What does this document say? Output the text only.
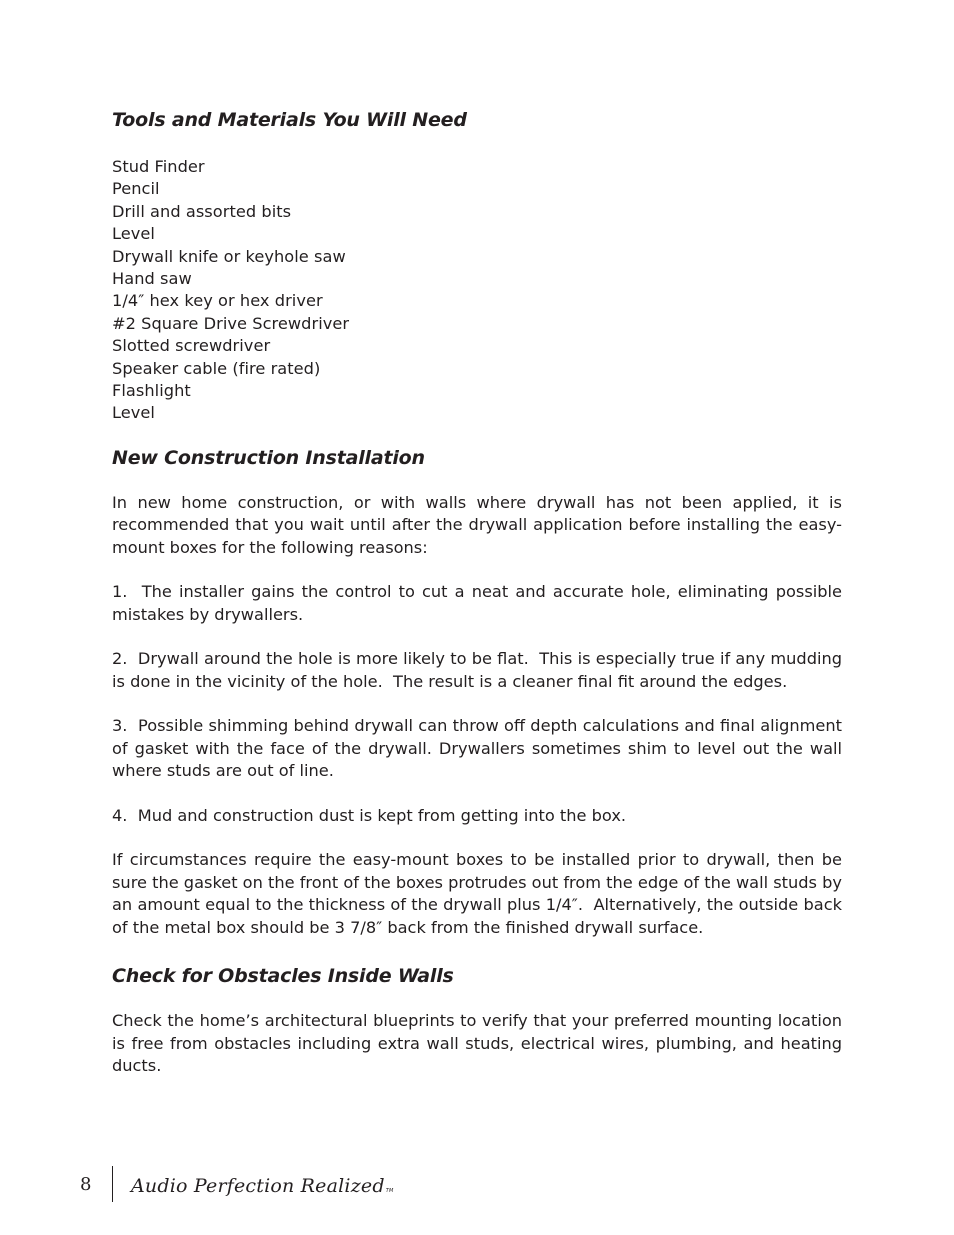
Tools and Materials You Will Need
Stud Finder
Pencil
Drill and assorted bits
Level
Drywall knife or keyhole saw
Hand saw
1/4″ hex key or hex driver
#2 Square Drive Screwdriver
Slotted screwdriver
Speaker cable (fire rated)
Flashlight
Level
New Construction Installation

In new home construction, or with walls where drywall has not been applied, it is recommended that you wait until after the drywall application before installing the easy-mount boxes for the following reasons:

1.  The installer gains the control to cut a neat and accurate hole, eliminating possible mistakes by drywallers.

2.  Drywall around the hole is more likely to be flat.  This is especially true if any mudding is done in the vicinity of the hole.  The result is a cleaner final fit around the edges.

3.  Possible shimming behind drywall can throw off depth calculations and final alignment of gasket with the face of the drywall. Drywallers sometimes shim to level out the wall where studs are out of line.

4.  Mud and construction dust is kept from getting into the box.

If circumstances require the easy-mount boxes to be installed prior to drywall, then be sure the gasket on the front of the boxes protrudes out from the edge of the wall studs by an amount equal to the thickness of the drywall plus 1/4″.  Alternatively, the outside back of the metal box should be 3 7/8″ back from the finished drywall surface.

Check for Obstacles Inside Walls

Check the home’s architectural blueprints to verify that your preferred mounting location is free from obstacles including extra wall studs, electrical wires, plumbing, and heating ducts.

8 Audio Perfection RealizedTM
